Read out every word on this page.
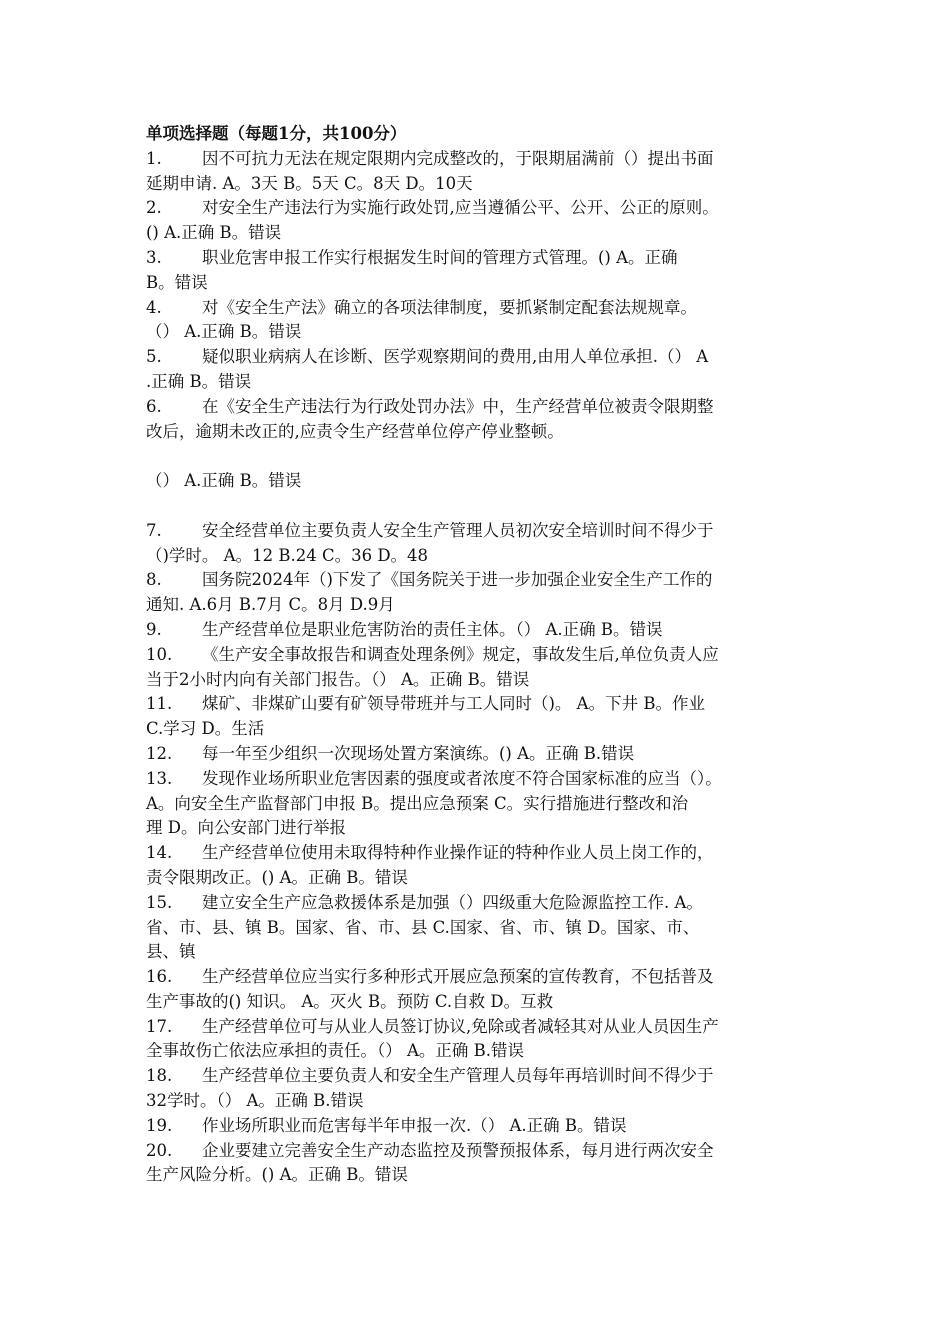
单项选择题（每题1分，共100分）
1. 因不可抗力无法在规定限期内完成整改的，于限期届满前（）提出书面
延期申请. A。3天 B。5天 C。8天 D。10天
2. 对安全生产违法行为实施行政处罚,应当遵循公平、公开、公正的原则。
() A.正确 B。错误
3. 职业危害申报工作实行根据发生时间的管理方式管理。() A。正确
B。错误
4. 对《安全生产法》确立的各项法律制度，要抓紧制定配套法规规章。
（） A.正确 B。错误
5. 疑似职业病病人在诊断、医学观察期间的费用,由用人单位承担.（） A
.正确 B。错误
6. 在《安全生产违法行为行政处罚办法》中，生产经营单位被责令限期整
改后，逾期未改正的,应责令生产经营单位停产停业整顿。
（） A.正确 B。错误
7. 安全经营单位主要负责人安全生产管理人员初次安全培训时间不得少于
（)学时。 A。12 B.24 C。36 D。48
8. 国务院2024年（)下发了《国务院关于进一步加强企业安全生产工作的
通知. A.6月 B.7月 C。8月 D.9月
9. 生产经营单位是职业危害防治的责任主体。（） A.正确 B。错误
10. 《生产安全事故报告和调查处理条例》规定，事故发生后,单位负责人应
当于2小时内向有关部门报告。（） A。正确 B。错误
11. 煤矿、非煤矿山要有矿领导带班并与工人同时（)。 A。下井 B。作业
C.学习 D。生活
12. 每一年至少组织一次现场处置方案演练。() A。正确 B.错误
13. 发现作业场所职业危害因素的强度或者浓度不符合国家标准的应当（）。
A。向安全生产监督部门申报 B。提出应急预案 C。实行措施进行整改和治
理 D。向公安部门进行举报
14. 生产经营单位使用未取得特种作业操作证的特种作业人员上岗工作的，
责令限期改正。() A。正确 B。错误
15. 建立安全生产应急救援体系是加强（）四级重大危险源监控工作. A。
省、市、县、镇 B。国家、省、市、县 C.国家、省、市、镇 D。国家、市、
县、镇
16. 生产经营单位应当实行多种形式开展应急预案的宣传教育，不包括普及
生产事故的() 知识。 A。灭火 B。预防 C.自救 D。互救
17. 生产经营单位可与从业人员签订协议,免除或者减轻其对从业人员因生产
全事故伤亡依法应承担的责任。（） A。正确 B.错误
18. 生产经营单位主要负责人和安全生产管理人员每年再培训时间不得少于
32学时。（） A。正确 B.错误
19. 作业场所职业而危害每半年申报一次.（） A.正确 B。错误
20. 企业要建立完善安全生产动态监控及预警预报体系，每月进行两次安全
生产风险分析。() A。正确 B。错误
